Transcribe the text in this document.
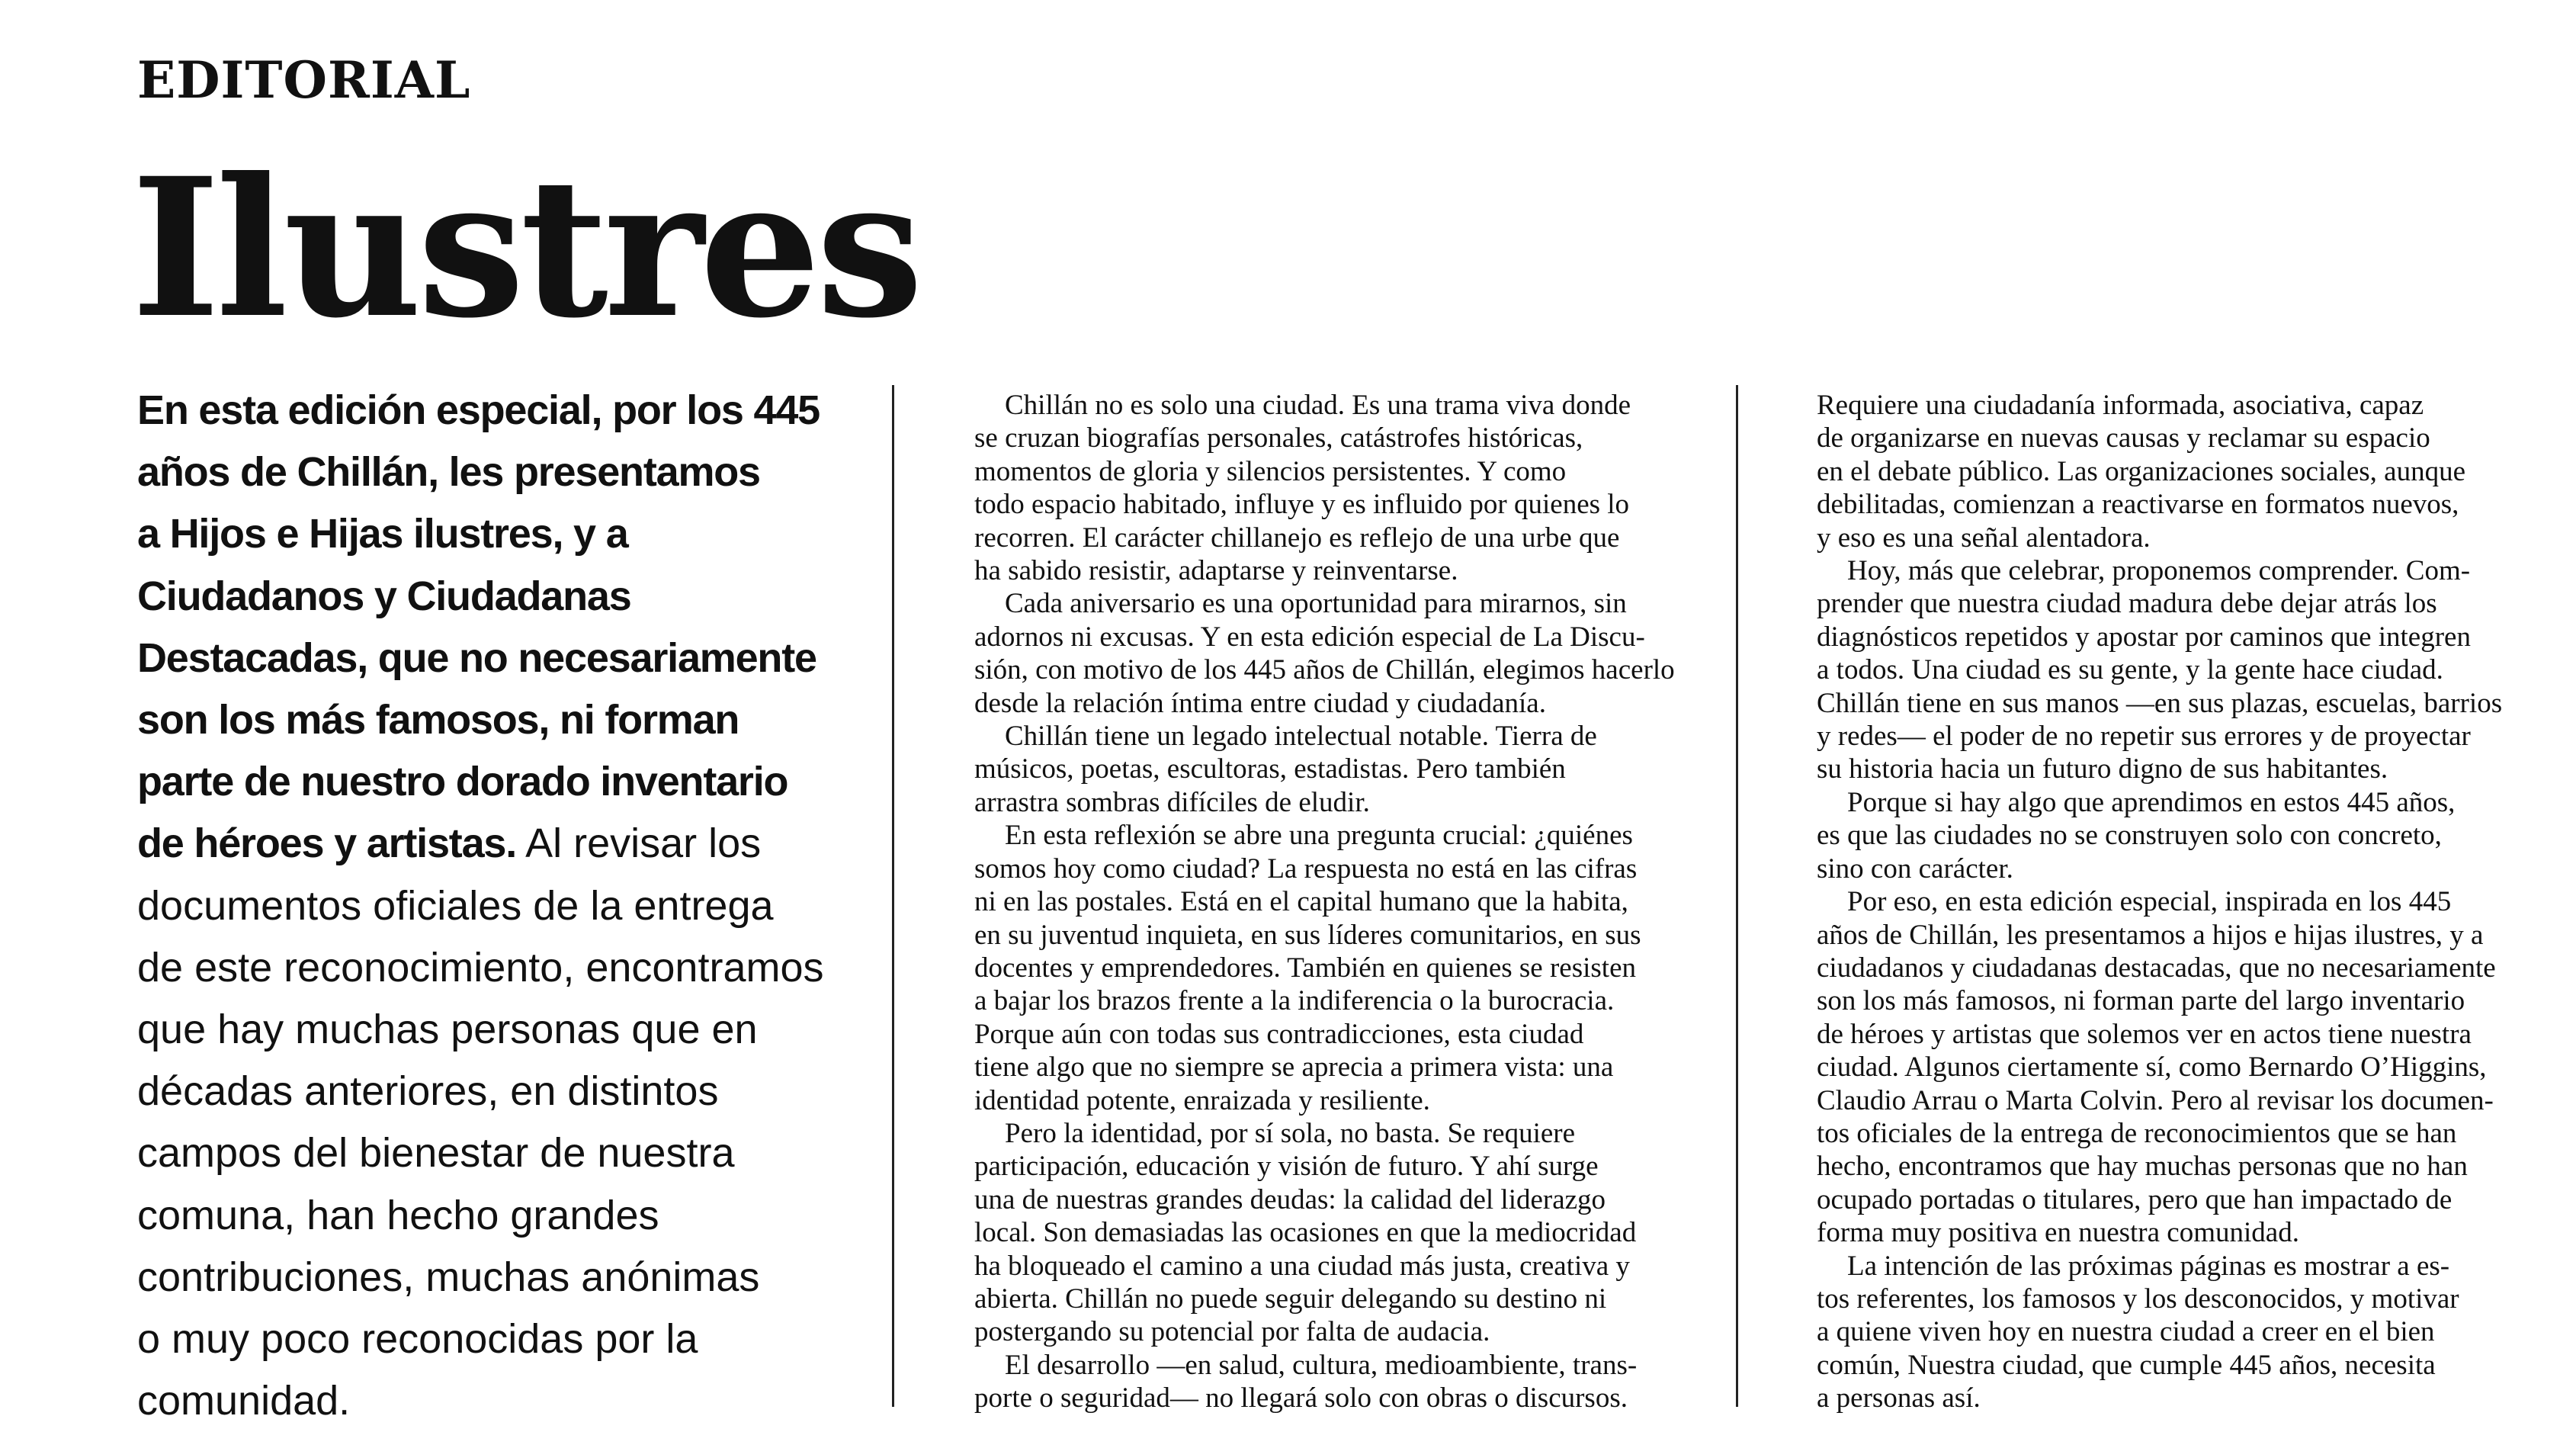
EDITORIAL
Ilustres
En esta edición especial, por los 445
años de Chillán, les presentamos
a Hijos e Hijas ilustres, y a
Ciudadanos y Ciudadanas
Destacadas, que no necesariamente
son los más famosos, ni forman
parte de nuestro dorado inventario
de héroes y artistas. Al revisar los
documentos oficiales de la entrega
de este reconocimiento, encontramos
que hay muchas personas que en
décadas anteriores, en distintos
campos del bienestar de nuestra
comuna, han hecho grandes
contribuciones, muchas anónimas
o muy poco reconocidas por la
comunidad.

Chillán no es solo una ciudad. Es una trama viva donde
se cruzan biografías personales, catástrofes históricas,
momentos de gloria y silencios persistentes. Y como
todo espacio habitado, influye y es influido por quienes lo
recorren. El carácter chillanejo es reflejo de una urbe que
ha sabido resistir, adaptarse y reinventarse.

Cada aniversario es una oportunidad para mirarnos, sin
adornos ni excusas. Y en esta edición especial de La Discu-
sión, con motivo de los 445 años de Chillán, elegimos hacerlo
desde la relación íntima entre ciudad y ciudadanía.

Chillán tiene un legado intelectual notable. Tierra de
músicos, poetas, escultoras, estadistas. Pero también
arrastra sombras difíciles de eludir.

En esta reflexión se abre una pregunta crucial: ¿quiénes
somos hoy como ciudad? La respuesta no está en las cifras
ni en las postales. Está en el capital humano que la habita,
en su juventud inquieta, en sus líderes comunitarios, en sus
docentes y emprendedores. También en quienes se resisten
a bajar los brazos frente a la indiferencia o la burocracia.
Porque aún con todas sus contradicciones, esta ciudad
tiene algo que no siempre se aprecia a primera vista: una
identidad potente, enraizada y resiliente.

Pero la identidad, por sí sola, no basta. Se requiere
participación, educación y visión de futuro. Y ahí surge
una de nuestras grandes deudas: la calidad del liderazgo
local. Son demasiadas las ocasiones en que la mediocridad
ha bloqueado el camino a una ciudad más justa, creativa y
abierta. Chillán no puede seguir delegando su destino ni
postergando su potencial por falta de audacia.

El desarrollo —en salud, cultura, medioambiente, trans-
porte o seguridad— no llegará solo con obras o discursos.

Requiere una ciudadanía informada, asociativa, capaz
de organizarse en nuevas causas y reclamar su espacio
en el debate público. Las organizaciones sociales, aunque
debilitadas, comienzan a reactivarse en formatos nuevos,
y eso es una señal alentadora.

Hoy, más que celebrar, proponemos comprender. Com-
prender que nuestra ciudad madura debe dejar atrás los
diagnósticos repetidos y apostar por caminos que integren
a todos. Una ciudad es su gente, y la gente hace ciudad.
Chillán tiene en sus manos —en sus plazas, escuelas, barrios
y redes— el poder de no repetir sus errores y de proyectar
su historia hacia un futuro digno de sus habitantes.

Porque si hay algo que aprendimos en estos 445 años,
es que las ciudades no se construyen solo con concreto,
sino con carácter.

Por eso, en esta edición especial, inspirada en los 445
años de Chillán, les presentamos a hijos e hijas ilustres, y a
ciudadanos y ciudadanas destacadas, que no necesariamente
son los más famosos, ni forman parte del largo inventario
de héroes y artistas que solemos ver en actos tiene nuestra
ciudad. Algunos ciertamente sí, como Bernardo O’Higgins,
Claudio Arrau o Marta Colvin. Pero al revisar los documen-
tos oficiales de la entrega de reconocimientos que se han
hecho, encontramos que hay muchas personas que no han
ocupado portadas o titulares, pero que han impactado de
forma muy positiva en nuestra comunidad.

La intención de las próximas páginas es mostrar a es-
tos referentes, los famosos y los desconocidos, y motivar
a quiene viven hoy en nuestra ciudad a creer en el bien
común, Nuestra ciudad, que cumple 445 años, necesita
a personas así.
